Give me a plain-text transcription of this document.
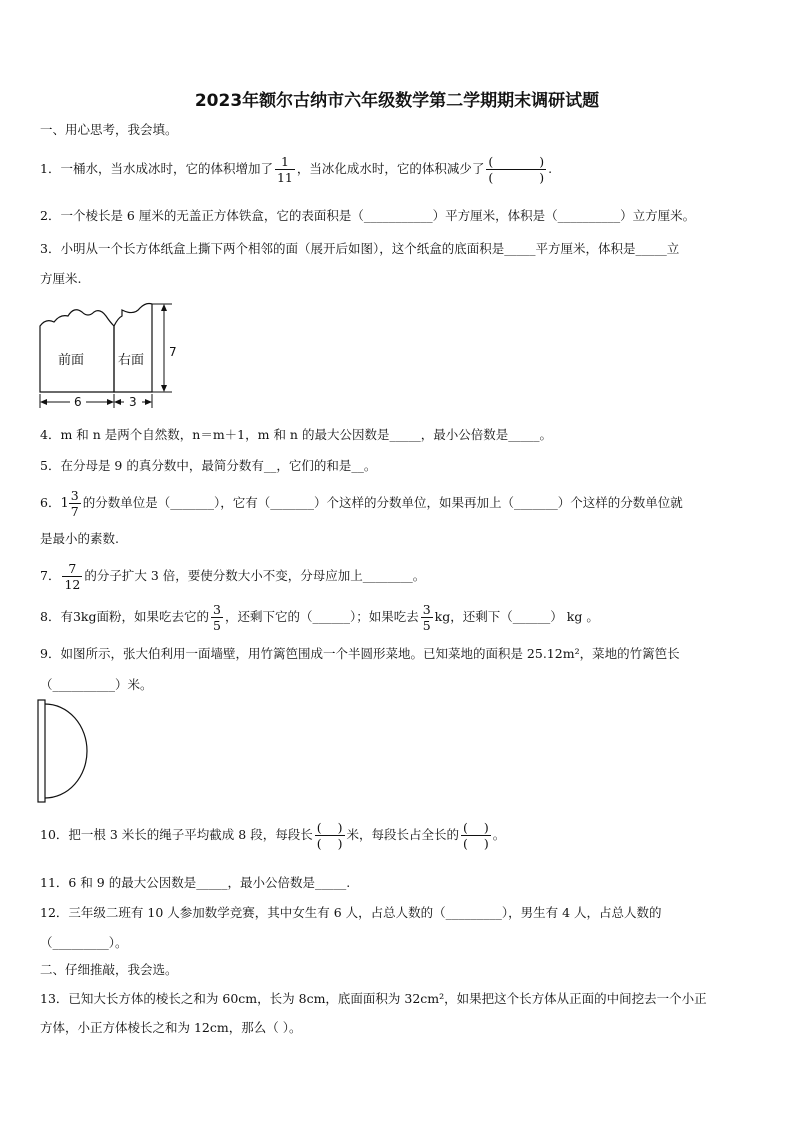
2023年额尔古纳市六年级数学第二学期期末调研试题
一、用心思考，我会填。
1．一桶水，当水成冰时，它的体积增加了 $\frac{1}{11}$ ，当冰化成水时，它的体积减少了 (	)
(	) .
2．一个棱长是 6 厘米的无盖正方体铁盒，它的表面积是（___________）平方厘米，体积是（__________）立方厘米。
3．小明从一个长方体纸盒上撕下两个相邻的面（展开后如图），这个纸盒的底面积是_____平方厘米，体积是_____立
方厘米.
前面	右面
7
6	3
4．m 和 n 是两个自然数，n＝m＋1，m 和 n 的最大公因数是_____，最小公倍数是_____。
5．在分母是 9 的真分数中，最简分数有__，它们的和是__。
6．$1 \frac{3}{7}$ 的分数单位是（_______），它有（_______）个这样的分数单位，如果再加上（_______）个这样的分数单位就
是最小的素数.
7． $\frac{7}{12}$ 的分子扩大 3 倍，要使分数大小不变，分母应加上________。
8．有3kg面粉，如果吃去它的 $\frac{3}{5}$ ，还剩下它的（______）；如果吃去 $\frac{3}{5}$ kg，还剩下（______） kg 。
9．如图所示，张大伯利用一面墙壁，用竹篱笆围成一个半圆形菜地。已知菜地的面积是 25.12m²，菜地的竹篱笆长
（__________）米。
10．把一根 3 米长的绳子平均截成 8 段，每段长 $\frac{( )}{( )}$ 米，每段长占全长的 $\frac{( )}{( )}$ 。
11．6 和 9 的最大公因数是_____，最小公倍数是_____.
12．三年级二班有 10 人参加数学竞赛，其中女生有 6 人，占总人数的（_________），男生有 4 人，占总人数的
（_________）。
二、仔细推敲，我会选。
13．已知大长方体的棱长之和为 60cm，长为 8cm，底面面积为 32cm²，如果把这个长方体从正面的中间挖去一个小正
方体，小正方体棱长之和为 12cm，那么（ ）。
